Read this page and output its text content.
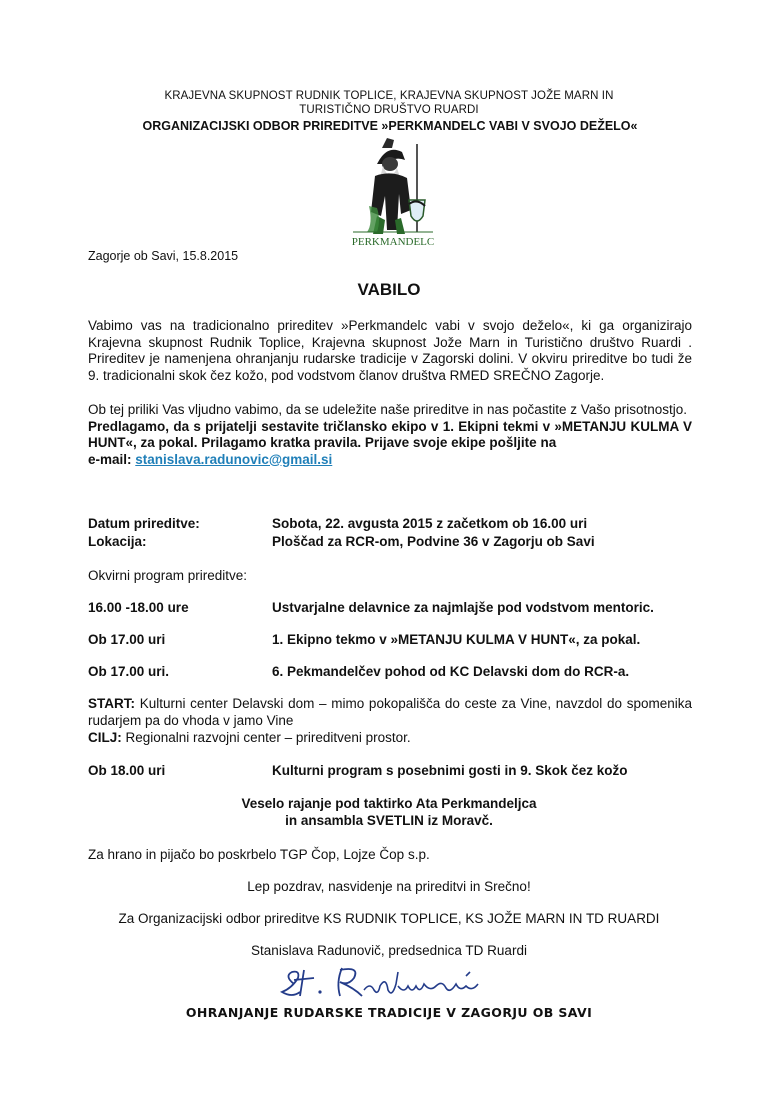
KRAJEVNA SKUPNOST RUDNIK TOPLICE, KRAJEVNA SKUPNOST JOŽE MARN IN
TURISTIČNO DRUŠTVO RUARDI
ORGANIZACIJSKI ODBOR PRIREDITVE »PERKMANDELC VABI V SVOJO DEŽELO«
PERKMANDELC
Zagorje ob Savi, 15.8.2015
VABILO
Vabimo vas na tradicionalno prireditev »Perkmandelc vabi v svojo deželo«, ki ga organizirajo Krajevna skupnost Rudnik Toplice, Krajevna skupnost Jože Marn in Turistično društvo Ruardi . Prireditev je namenjena ohranjanju rudarske tradicije v Zagorski dolini. V okviru prireditve bo tudi že 9. tradicionalni skok čez kožo, pod vodstvom članov društva RMED SREČNO Zagorje.
Ob tej priliki Vas vljudno vabimo, da se udeležite naše prireditve in nas počastite z Vašo prisotnostjo.
Predlagamo, da s prijatelji sestavite tričlansko ekipo v 1. Ekipni tekmi v »METANJU KULMA V HUNT«, za pokal. Prilagamo kratka pravila. Prijave svoje ekipe pošljite na
e-mail: stanislava.radunovic@gmail.si
Datum prireditve:	Sobota, 22. avgusta 2015 z začetkom ob 16.00 uri
Lokacija:	Ploščad za RCR-om, Podvine 36 v Zagorju ob Savi
Okvirni program prireditve:
16.00 -18.00 ure	Ustvarjalne delavnice za najmlajše pod vodstvom mentoric.
Ob 17.00 uri	1. Ekipno tekmo v »METANJU KULMA V HUNT«, za pokal.
Ob 17.00 uri.	6. Pekmandelčev pohod od KC Delavski dom do RCR-a.
START: Kulturni center Delavski dom – mimo pokopališča do ceste za Vine, navzdol do spomenika rudarjem pa do vhoda v jamo Vine
CILJ: Regionalni razvojni center – prireditveni prostor.
Ob 18.00 uri	Kulturni program s posebnimi gosti in 9. Skok čez kožo
Veselo rajanje pod taktirko Ata Perkmandeljca
in ansambla SVETLIN iz Moravč.
Za hrano in pijačo bo poskrbelo TGP Čop, Lojze Čop s.p.
Lep pozdrav, nasvidenje na prireditvi in Srečno!
Za Organizacijski odbor prireditve KS RUDNIK TOPLICE, KS JOŽE MARN IN TD RUARDI
Stanislava Radunovič, predsednica TD Ruardi
OHRANJANJE RUDARSKE TRADICIJE V ZAGORJU OB SAVI
